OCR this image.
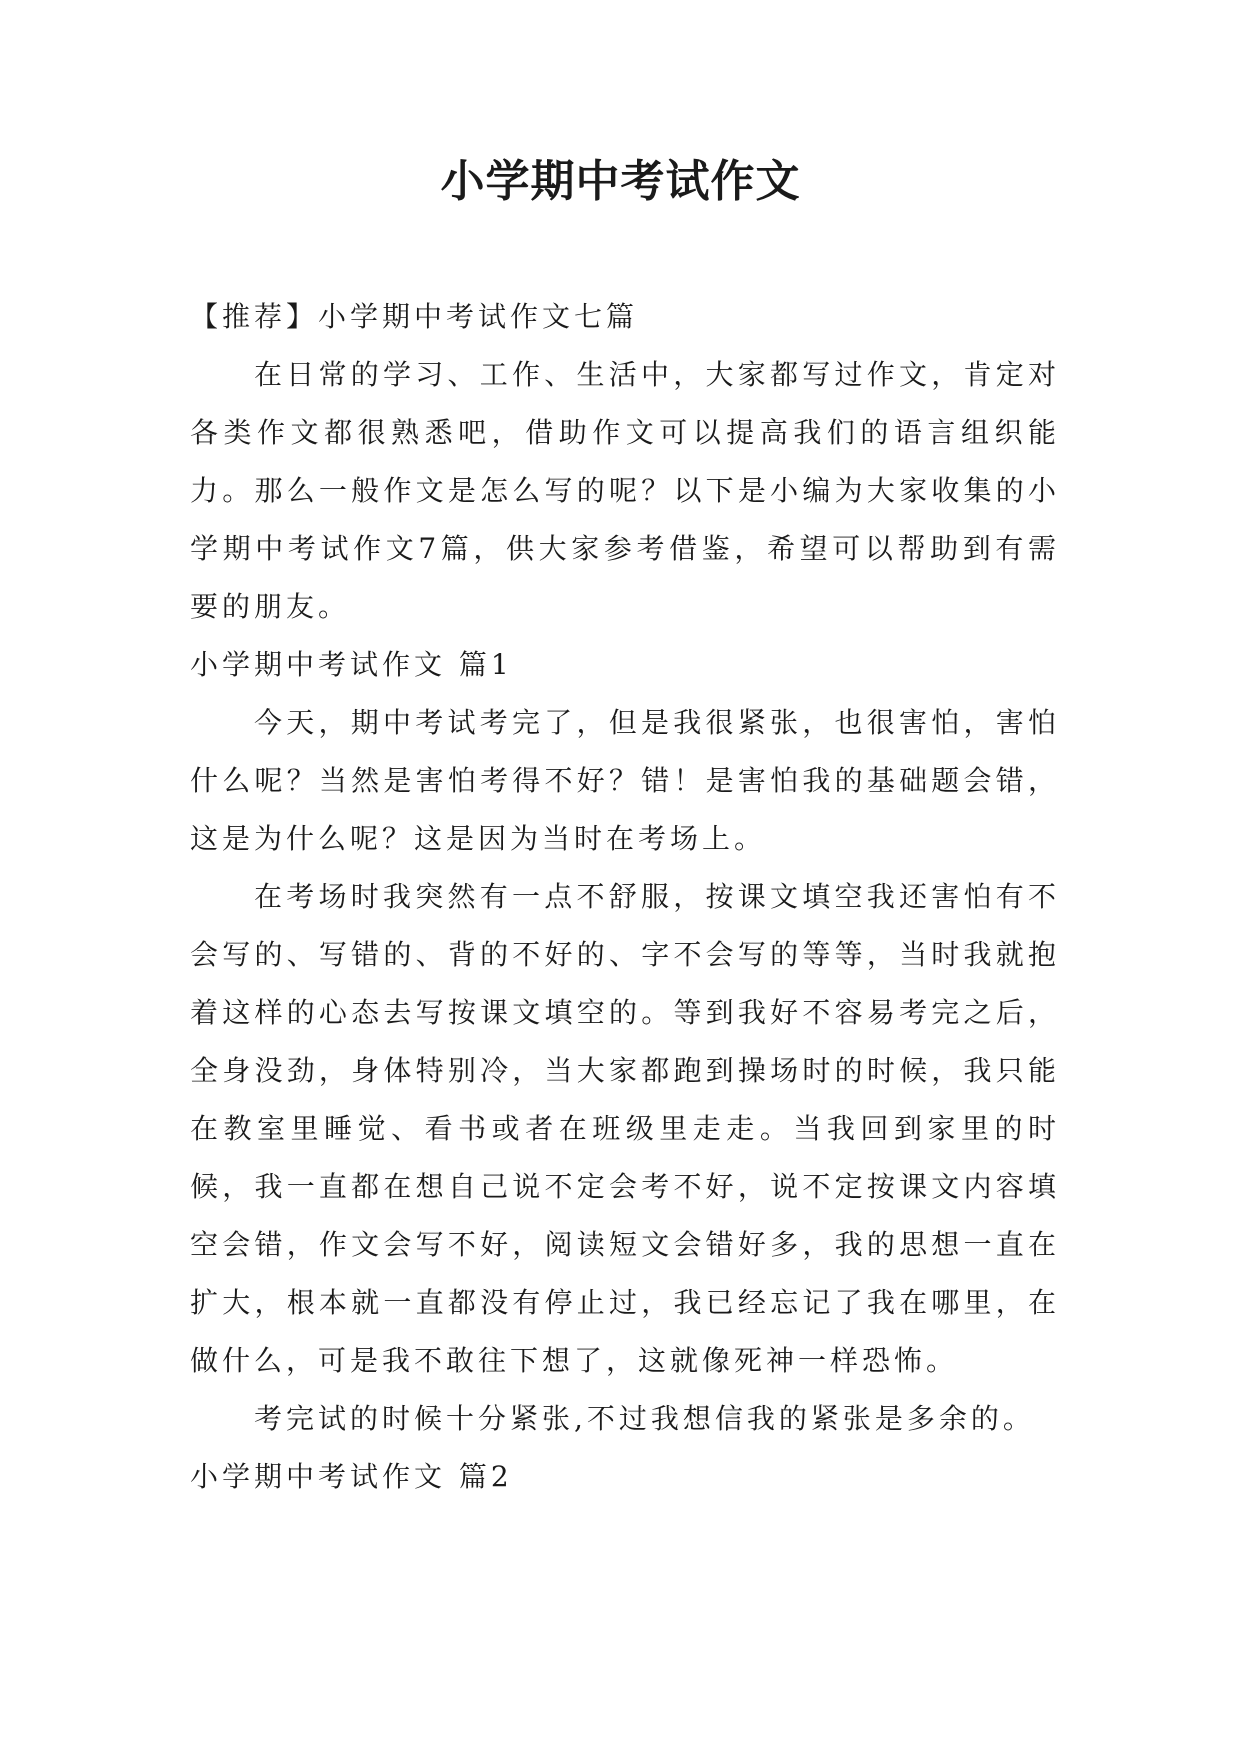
小学期中考试作文
【推荐】小学期中考试作文七篇

在日常的学习、工作、生活中，大家都写过作文，肯定对各类作文都很熟悉吧，借助作文可以提高我们的语言组织能力。那么一般作文是怎么写的呢？以下是小编为大家收集的小学期中考试作文7篇，供大家参考借鉴，希望可以帮助到有需要的朋友。

小学期中考试作文 篇1

今天，期中考试考完了，但是我很紧张，也很害怕，害怕什么呢？当然是害怕考得不好？错！是害怕我的基础题会错，这是为什么呢？这是因为当时在考场上。

在考场时我突然有一点不舒服，按课文填空我还害怕有不会写的、写错的、背的不好的、字不会写的等等，当时我就抱着这样的心态去写按课文填空的。等到我好不容易考完之后，全身没劲，身体特别冷，当大家都跑到操场时的时候，我只能在教室里睡觉、看书或者在班级里走走。当我回到家里的时候，我一直都在想自己说不定会考不好，说不定按课文内容填空会错，作文会写不好，阅读短文会错好多，我的思想一直在扩大，根本就一直都没有停止过，我已经忘记了我在哪里，在做什么，可是我不敢往下想了，这就像死神一样恐怖。

考完试的时候十分紧张,不过我想信我的紧张是多余的。

小学期中考试作文 篇2
